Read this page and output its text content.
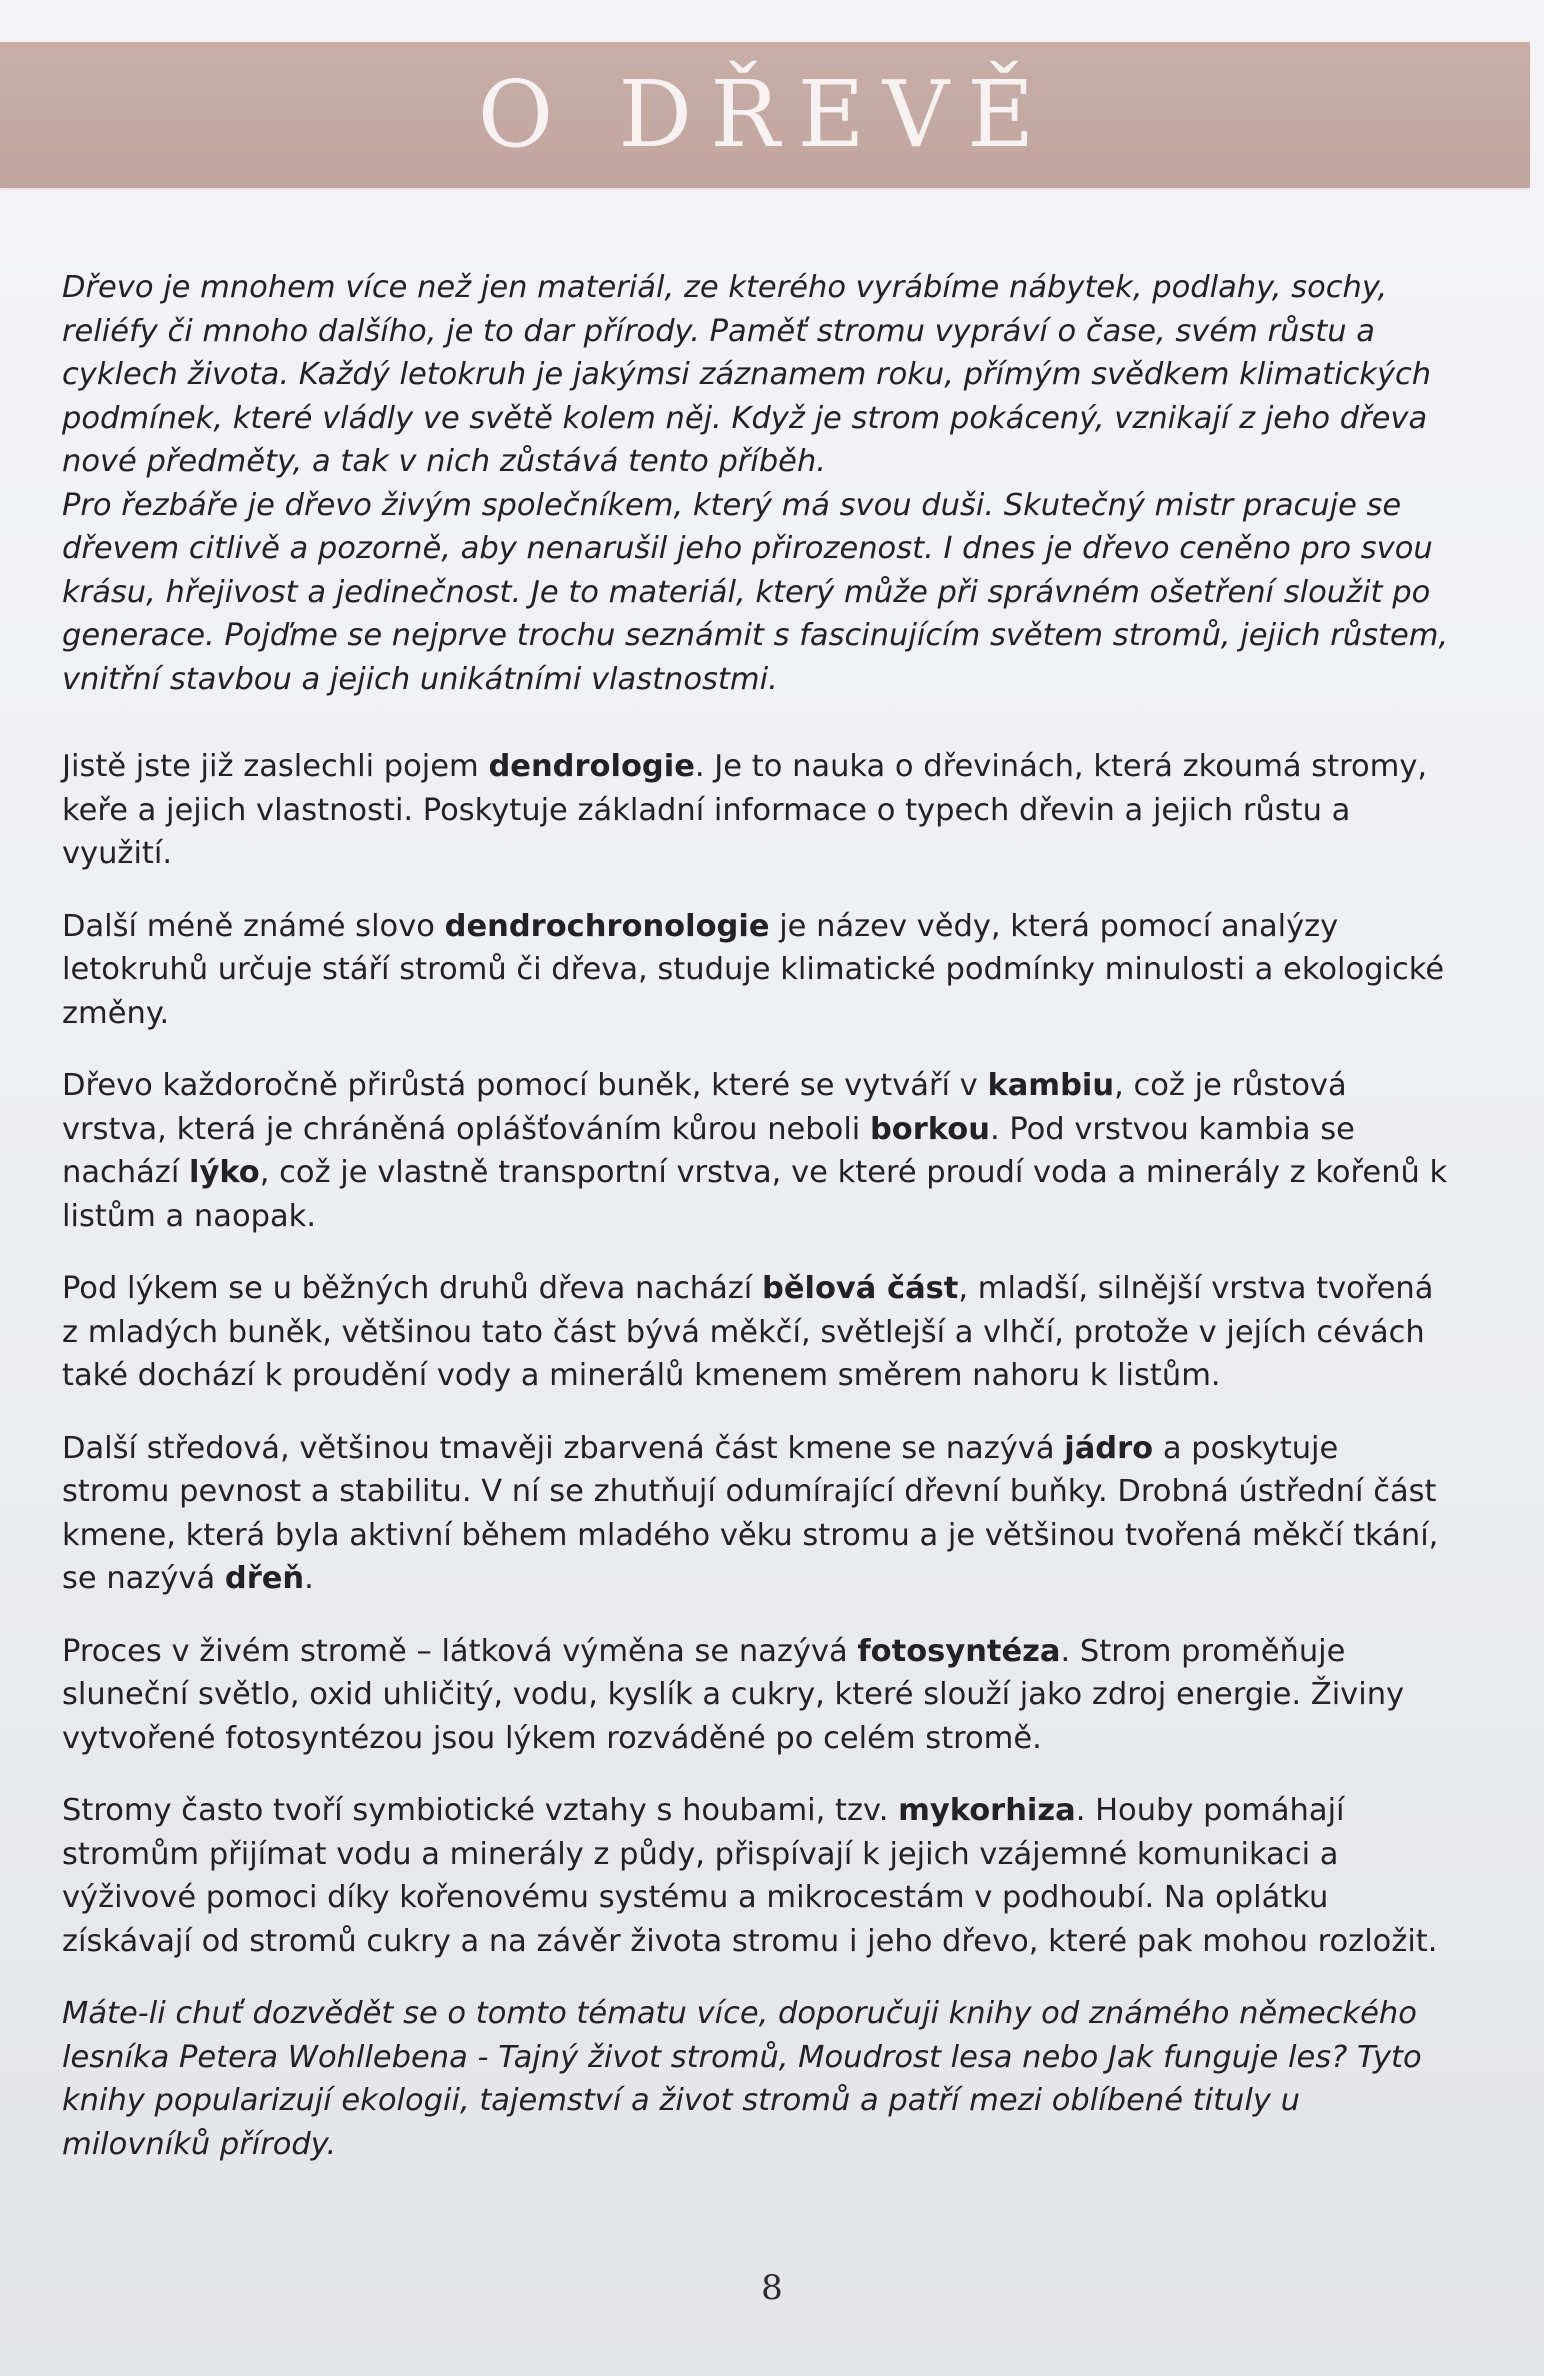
O DŘEVĚ

Dřevo je mnohem více než jen materiál, ze kterého vyrábíme nábytek, podlahy, sochy, reliéfy či mnoho dalšího, je to dar přírody. Paměť stromu vypráví o čase, svém růstu a cyklech života. Každý letokruh je jakýmsi záznamem roku, přímým svědkem klimatických podmínek, které vládly ve světě kolem něj. Když je strom pokácený, vznikají z jeho dřeva nové předměty, a tak v nich zůstává tento příběh.

Pro řezbáře je dřevo živým společníkem, který má svou duši. Skutečný mistr pracuje se dřevem citlivě a pozorně, aby nenarušil jeho přirozenost. I dnes je dřevo ceněno pro svou krásu, hřejivost a jedinečnost. Je to materiál, který může při správném ošetření sloužit po generace. Pojďme se nejprve trochu seznámit s fascinujícím světem stromů, jejich růstem, vnitřní stavbou a jejich unikátními vlastnostmi.

Jistě jste již zaslechli pojem dendrologie. Je to nauka o dřevinách, která zkoumá stromy, keře a jejich vlastnosti. Poskytuje základní informace o typech dřevin a jejich růstu a využití.

Další méně známé slovo dendrochronologie je název vědy, která pomocí analýzy letokruhů určuje stáří stromů či dřeva, studuje klimatické podmínky minulosti a ekologické změny.

Dřevo každoročně přirůstá pomocí buněk, které se vytváří v kambiu, což je růstová vrstva, která je chráněná oplášťováním kůrou neboli borkou. Pod vrstvou kambia se nachází lýko, což je vlastně transportní vrstva, ve které proudí voda a minerály z kořenů k listům a naopak.

Pod lýkem se u běžných druhů dřeva nachází bělová část, mladší, silnější vrstva tvořená z mladých buněk, většinou tato část bývá měkčí, světlejší a vlhčí, protože v jejích cévách také dochází k proudění vody a minerálů kmenem směrem nahoru k listům.

Další středová, většinou tmavěji zbarvená část kmene se nazývá jádro a poskytuje stromu pevnost a stabilitu. V ní se zhutňují odumírající dřevní buňky. Drobná ústřední část kmene, která byla aktivní během mladého věku stromu a je většinou tvořená měkčí tkání, se nazývá dřeň.

Proces v živém stromě – látková výměna se nazývá fotosyntéza. Strom proměňuje sluneční světlo, oxid uhličitý, vodu, kyslík a cukry, které slouží jako zdroj energie. Živiny vytvořené fotosyntézou jsou lýkem rozváděné po celém stromě.

Stromy často tvoří symbiotické vztahy s houbami, tzv. mykorhiza. Houby pomáhají stromům přijímat vodu a minerály z půdy, přispívají k jejich vzájemné komunikaci a výživové pomoci díky kořenovému systému a mikrocestám v podhoubí. Na oplátku získávají od stromů cukry a na závěr života stromu i jeho dřevo, které pak mohou rozložit.

Máte-li chuť dozvědět se o tomto tématu více, doporučuji knihy od známého německého lesníka Petera Wohllebena - Tajný život stromů, Moudrost lesa nebo Jak funguje les? Tyto knihy popularizují ekologii, tajemství a život stromů a patří mezi oblíbené tituly u milovníků přírody.

8
